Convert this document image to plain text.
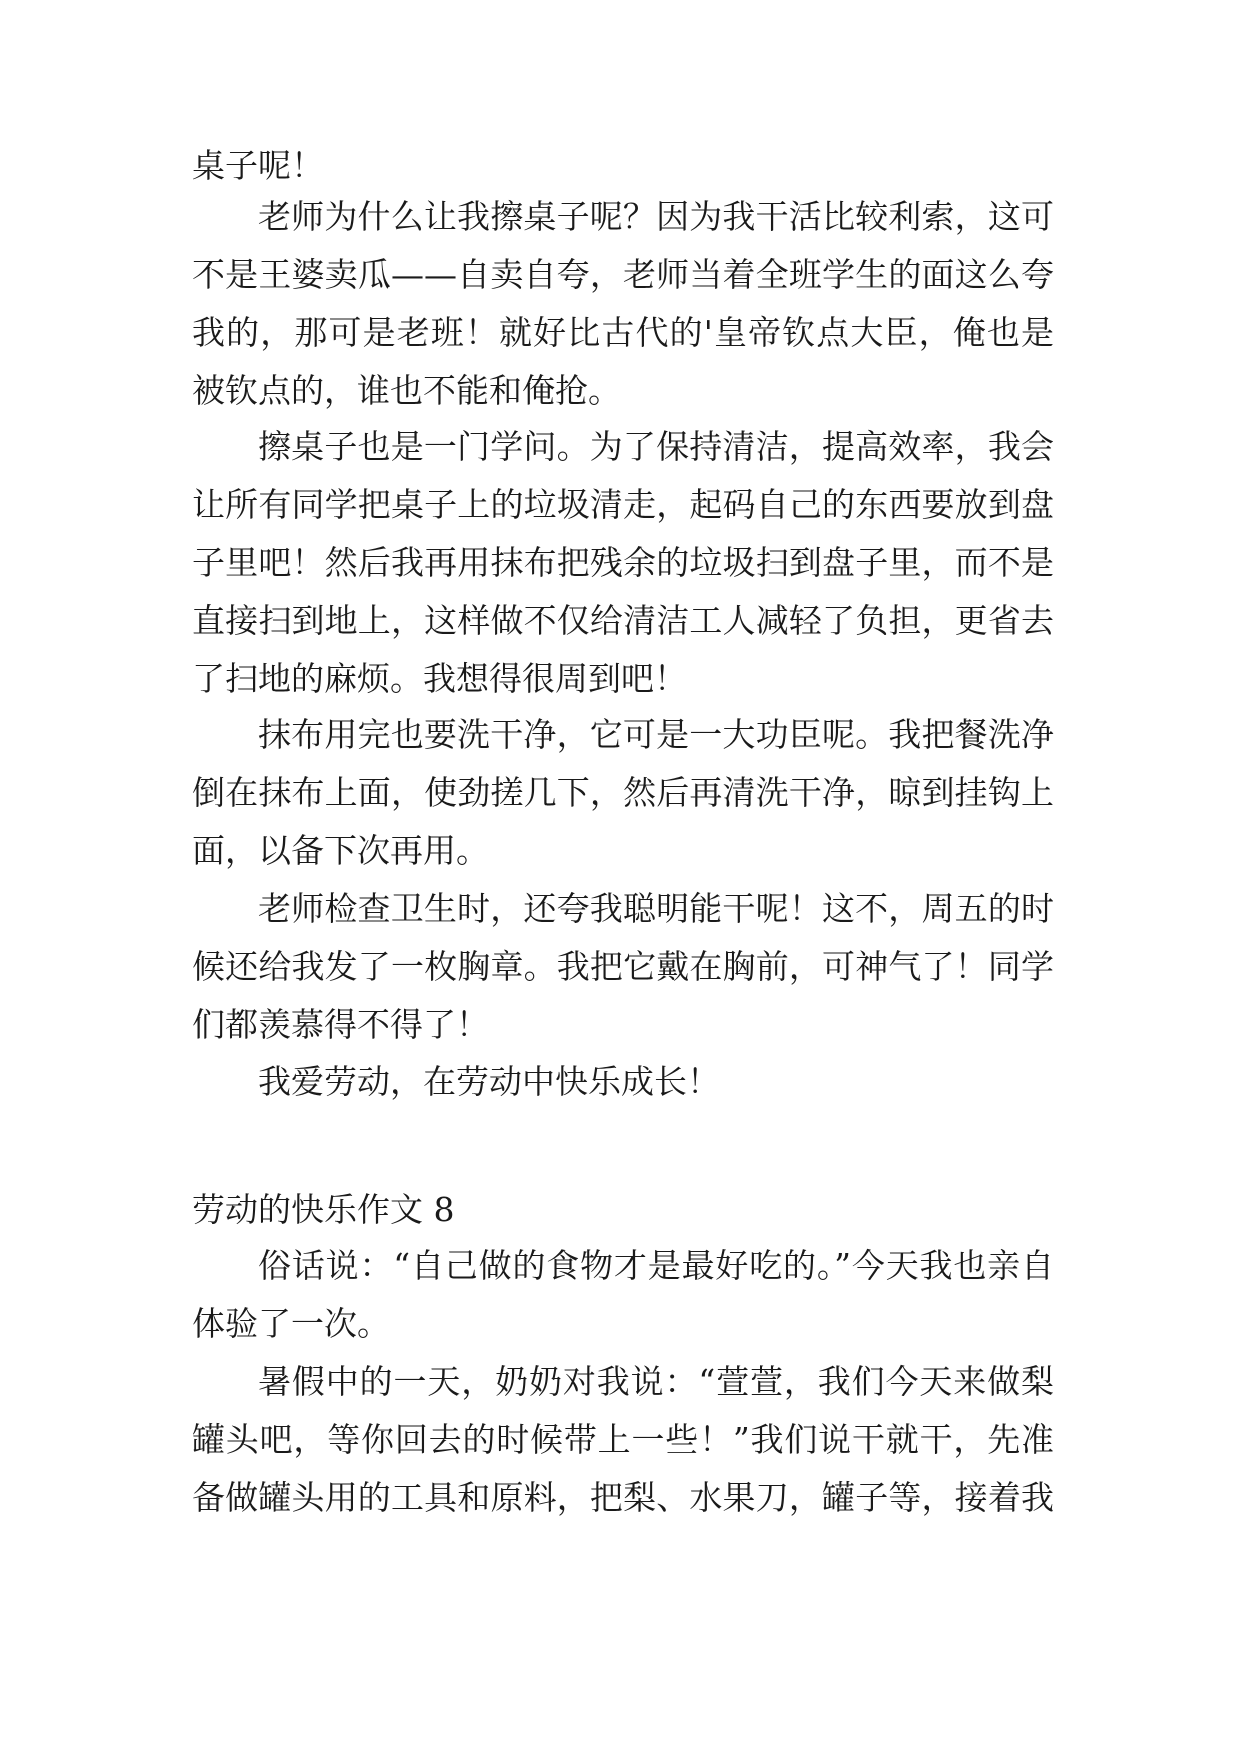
桌子呢！
老师为什么让我擦桌子呢？因为我干活比较利索，这可
不是王婆卖瓜——自卖自夸，老师当着全班学生的面这么夸
我的，那可是老班！就好比古代的'皇帝钦点大臣，俺也是
被钦点的，谁也不能和俺抢。
擦桌子也是一门学问。为了保持清洁，提高效率，我会
让所有同学把桌子上的垃圾清走，起码自己的东西要放到盘
子里吧！然后我再用抹布把残余的垃圾扫到盘子里，而不是
直接扫到地上，这样做不仅给清洁工人减轻了负担，更省去
了扫地的麻烦。我想得很周到吧！
抹布用完也要洗干净，它可是一大功臣呢。我把餐洗净
倒在抹布上面，使劲搓几下，然后再清洗干净，晾到挂钩上
面，以备下次再用。
老师检查卫生时，还夸我聪明能干呢！这不，周五的时
候还给我发了一枚胸章。我把它戴在胸前，可神气了！同学
们都羡慕得不得了！
我爱劳动，在劳动中快乐成长！
劳动的快乐作文 8
俗话说：“自己做的食物才是最好吃的。”今天我也亲自
体验了一次。
暑假中的一天，奶奶对我说：“萱萱，我们今天来做梨
罐头吧，等你回去的时候带上一些！”我们说干就干，先准
备做罐头用的工具和原料，把梨、水果刀，罐子等，接着我
